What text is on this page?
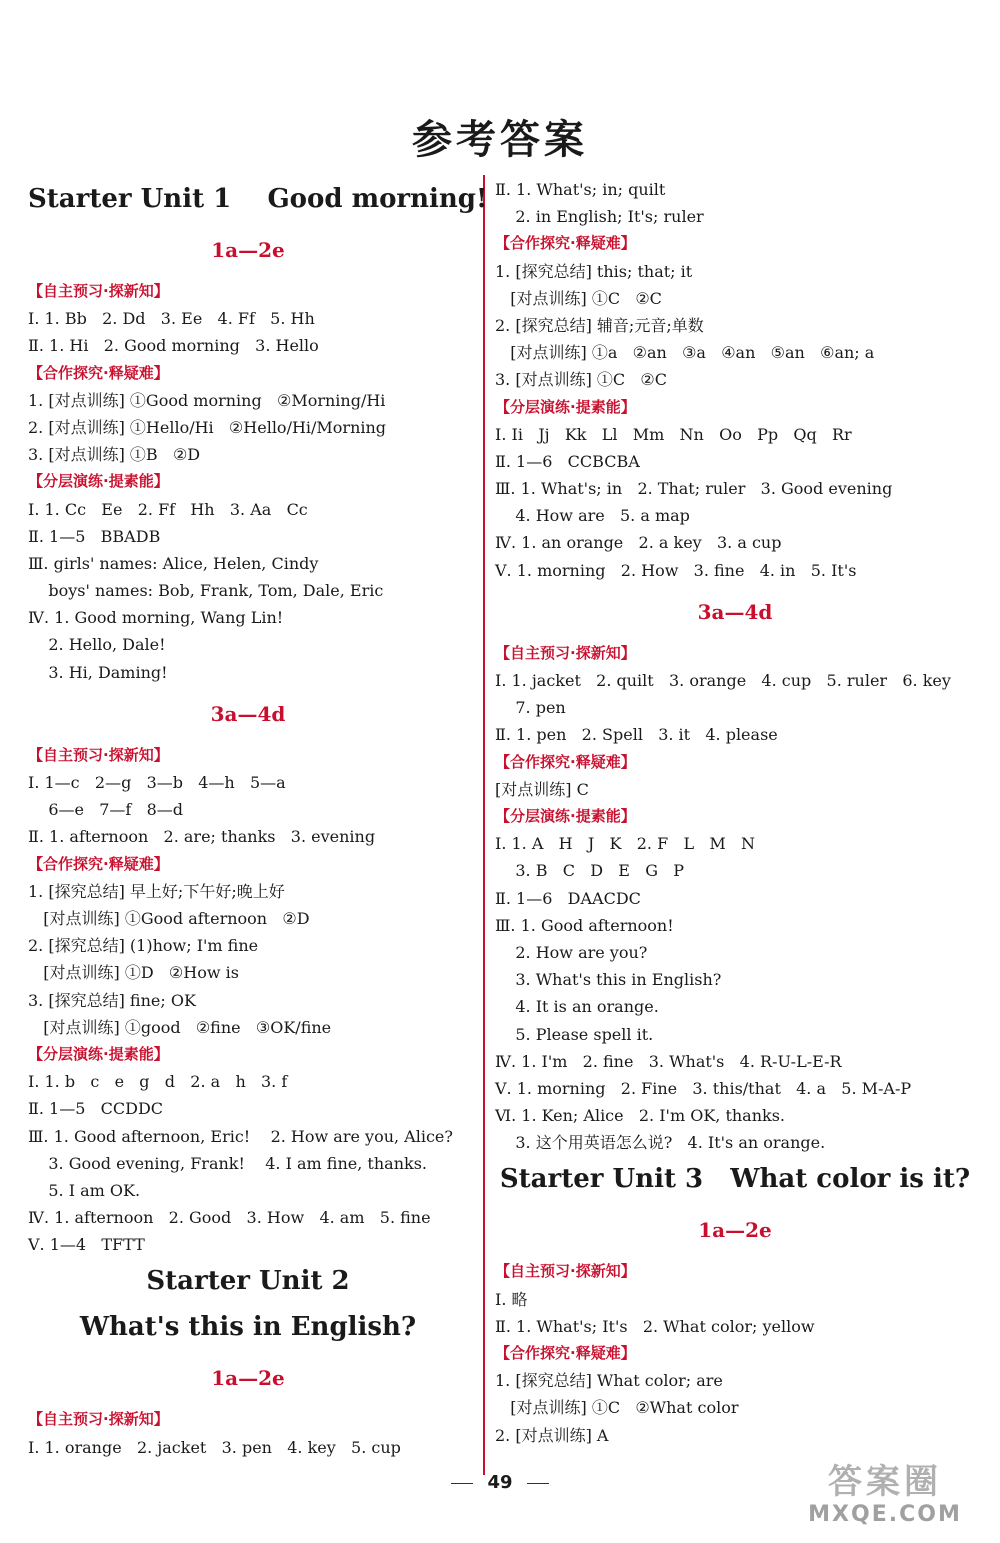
参考答案
Starter Unit 1    Good morning!
1a—2e
【自主预习·探新知】
Ⅰ. 1. Bb   2. Dd   3. Ee   4. Ff   5. Hh
Ⅱ. 1. Hi   2. Good morning   3. Hello
【合作探究·释疑难】
1. [对点训练] ①Good morning   ②Morning/Hi
2. [对点训练] ①Hello/Hi   ②Hello/Hi/Morning
3. [对点训练] ①B   ②D
【分层演练·提素能】
Ⅰ. 1. Cc   Ee   2. Ff   Hh   3. Aa   Cc
Ⅱ. 1—5   BBADB
Ⅲ. girls' names: Alice, Helen, Cindy
boys' names: Bob, Frank, Tom, Dale, Eric
Ⅳ. 1. Good morning, Wang Lin!
2. Hello, Dale!
3. Hi, Daming!
3a—4d
【自主预习·探新知】
Ⅰ. 1—c   2—g   3—b   4—h   5—a
6—e   7—f   8—d
Ⅱ. 1. afternoon   2. are; thanks   3. evening
【合作探究·释疑难】
1. [探究总结] 早上好;下午好;晚上好
[对点训练] ①Good afternoon   ②D
2. [探究总结] (1)how; I'm fine
[对点训练] ①D   ②How is
3. [探究总结] fine; OK
[对点训练] ①good   ②fine   ③OK/fine
【分层演练·提素能】
Ⅰ. 1. b   c   e   g   d   2. a   h   3. f
Ⅱ. 1—5   CCDDC
Ⅲ. 1. Good afternoon, Eric!    2. How are you, Alice?
3. Good evening, Frank!    4. I am fine, thanks.
5. I am OK.
Ⅳ. 1. afternoon   2. Good   3. How   4. am   5. fine
Ⅴ. 1—4   TFTT
Starter Unit 2
What's this in English?
1a—2e
【自主预习·探新知】
Ⅰ. 1. orange   2. jacket   3. pen   4. key   5. cup
Ⅱ. 1. What's; in; quilt
2. in English; It's; ruler
【合作探究·释疑难】
1. [探究总结] this; that; it
[对点训练] ①C   ②C
2. [探究总结] 辅音;元音;单数
[对点训练] ①a   ②an   ③a   ④an   ⑤an   ⑥an; a
3. [对点训练] ①C   ②C
【分层演练·提素能】
Ⅰ. Ii   Jj   Kk   Ll   Mm   Nn   Oo   Pp   Qq   Rr
Ⅱ. 1—6   CCBCBA
Ⅲ. 1. What's; in   2. That; ruler   3. Good evening
4. How are   5. a map
Ⅳ. 1. an orange   2. a key   3. a cup
Ⅴ. 1. morning   2. How   3. fine   4. in   5. It's
3a—4d
【自主预习·探新知】
Ⅰ. 1. jacket   2. quilt   3. orange   4. cup   5. ruler   6. key
7. pen
Ⅱ. 1. pen   2. Spell   3. it   4. please
【合作探究·释疑难】
[对点训练] C
【分层演练·提素能】
Ⅰ. 1. A   H   J   K   2. F   L   M   N
3. B   C   D   E   G   P
Ⅱ. 1—6   DAACDC
Ⅲ. 1. Good afternoon!
2. How are you?
3. What's this in English?
4. It is an orange.
5. Please spell it.
Ⅳ. 1. I'm   2. fine   3. What's   4. R-U-L-E-R
Ⅴ. 1. morning   2. Fine   3. this/that   4. a   5. M-A-P
Ⅵ. 1. Ken; Alice   2. I'm OK, thanks.
3. 这个用英语怎么说?   4. It's an orange.
Starter Unit 3   What color is it?
1a—2e
【自主预习·探新知】
Ⅰ. 略
Ⅱ. 1. What's; It's   2. What color; yellow
【合作探究·释疑难】
1. [探究总结] What color; are
[对点训练] ①C   ②What color
2. [对点训练] A
49	答案圈
MXQE.COM
